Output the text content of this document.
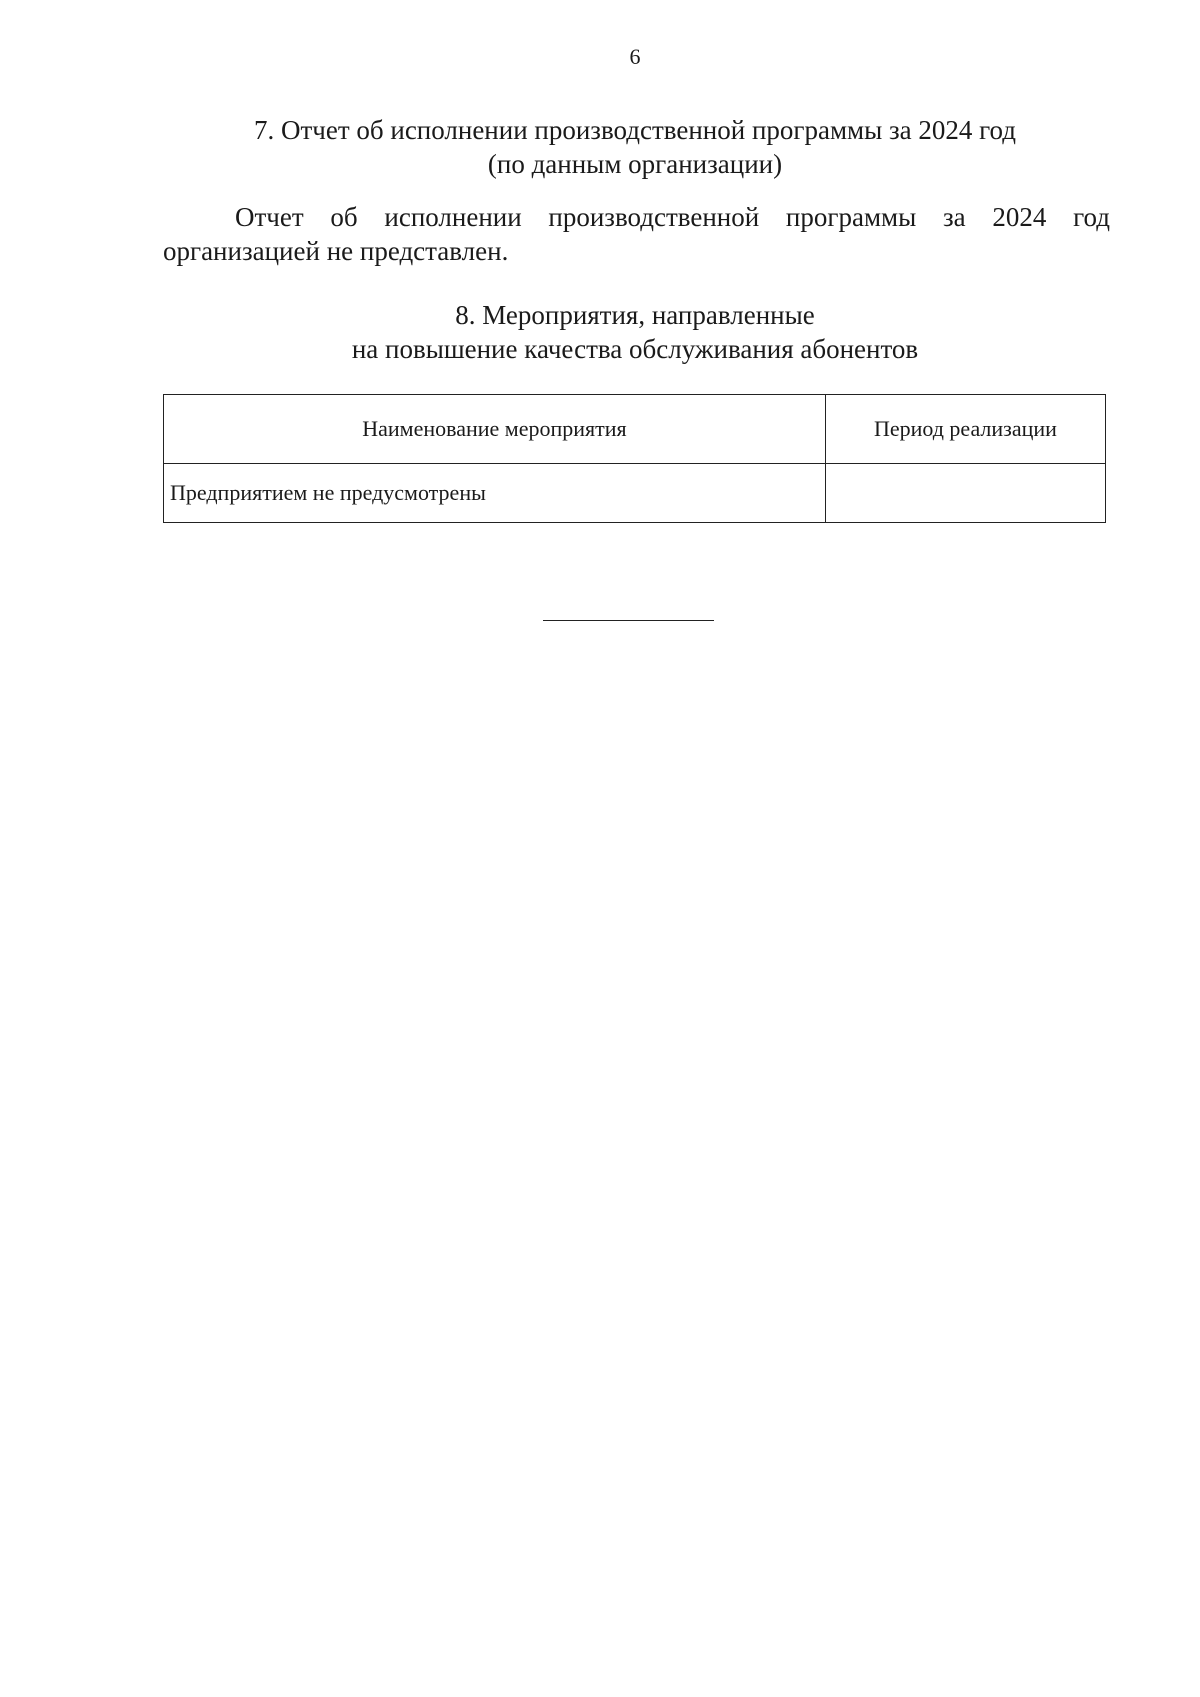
6
7. Отчет об исполнении производственной программы за 2024 год
(по данным организации)
Отчет об исполнении производственной программы за 2024 год организацией не представлен.
8. Мероприятия, направленные
на повышение качества обслуживания абонентов
Наименование мероприятия	Период реализации
Предприятием не предусмотрены	
